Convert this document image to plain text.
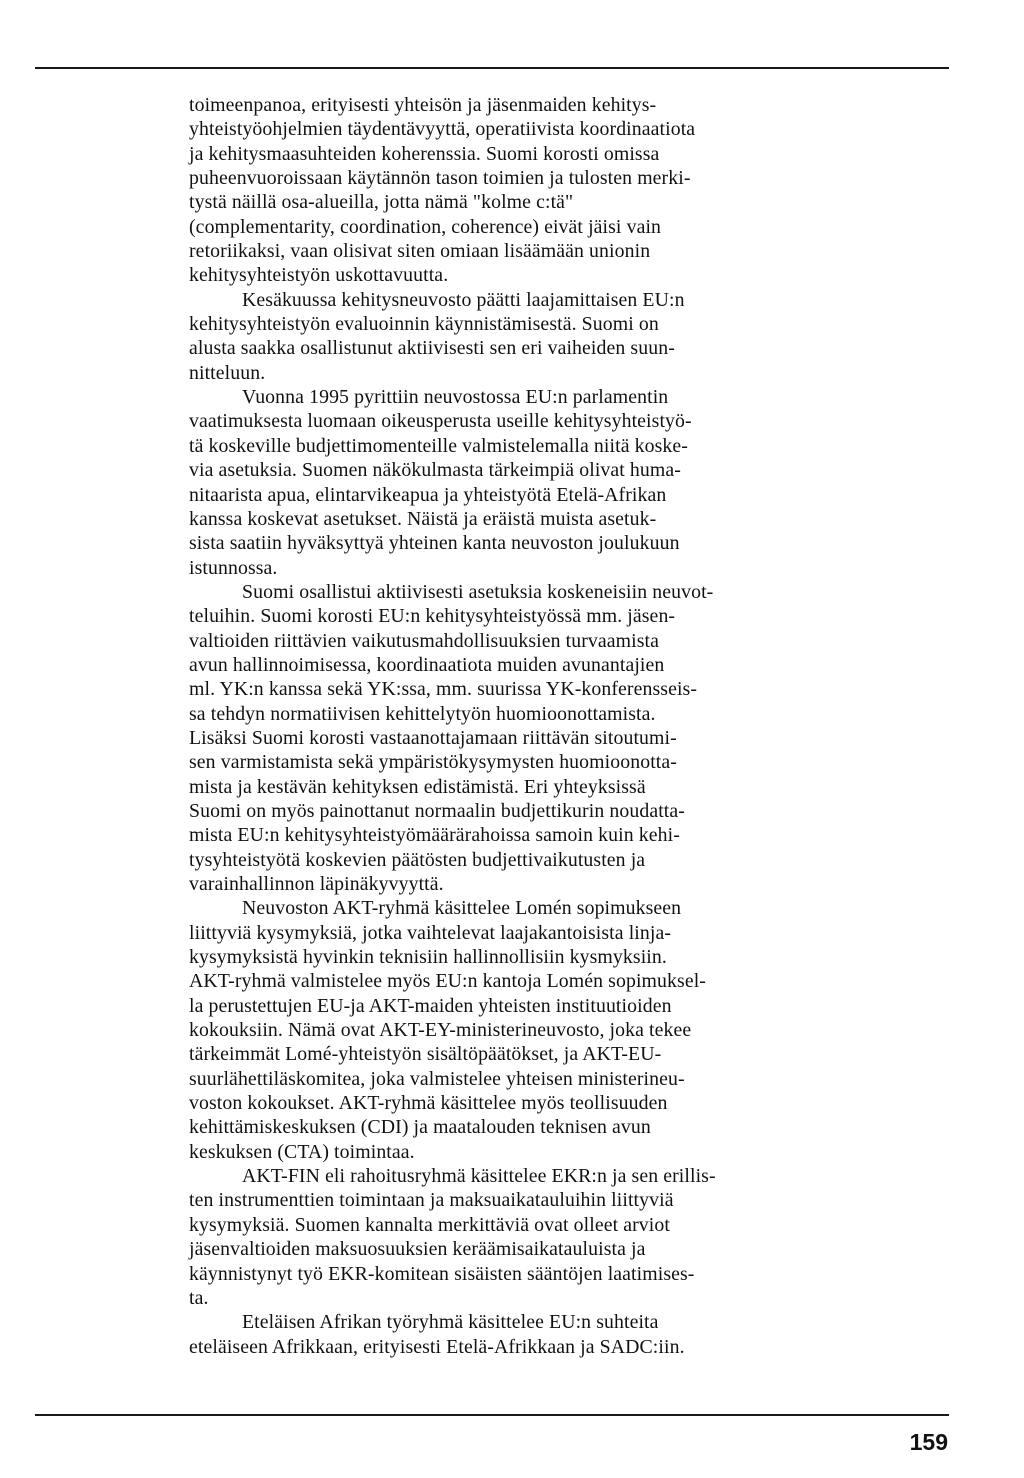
toimeenpanoa, erityisesti yhteisön ja jäsenmaiden kehitys-
yhteistyöohjelmien täydentävyyttä, operatiivista koordinaatiota
ja kehitysmaasuhteiden koherenssia. Suomi korosti omissa
puheenvuoroissaan käytännön tason toimien ja tulosten merki-
tystä näillä osa-alueilla, jotta nämä "kolme c:tä"
(complementarity, coordination, coherence) eivät jäisi vain
retoriikaksi, vaan olisivat siten omiaan lisäämään unionin
kehitysyhteistyön uskottavuutta.
Kesäkuussa kehitysneuvosto päätti laajamittaisen EU:n
kehitysyhteistyön evaluoinnin käynnistämisestä. Suomi on
alusta saakka osallistunut aktiivisesti sen eri vaiheiden suun-
nitteluun.
Vuonna 1995 pyrittiin neuvostossa EU:n parlamentin
vaatimuksesta luomaan oikeusperusta useille kehitysyhteistyö-
tä koskeville budjettimomenteille valmistelemalla niitä koske-
via asetuksia. Suomen näkökulmasta tärkeimpiä olivat huma-
nitaarista apua, elintarvikeapua ja yhteistyötä Etelä-Afrikan
kanssa koskevat asetukset. Näistä ja eräistä muista asetuk-
sista saatiin hyväksyttyä yhteinen kanta neuvoston joulukuun
istunnossa.
Suomi osallistui aktiivisesti asetuksia koskeneisiin neuvot-
teluihin. Suomi korosti EU:n kehitysyhteistyössä mm. jäsen-
valtioiden riittävien vaikutusmahdollisuuksien turvaamista
avun hallinnoimisessa, koordinaatiota muiden avunantajien
ml. YK:n kanssa sekä YK:ssa, mm. suurissa YK-konferensseis-
sa tehdyn normatiivisen kehittelytyön huomioonottamista.
Lisäksi Suomi korosti vastaanottajamaan riittävän sitoutumi-
sen varmistamista sekä ympäristökysymysten huomioonotta-
mista ja kestävän kehityksen edistämistä. Eri yhteyksissä
Suomi on myös painottanut normaalin budjettikurin noudatta-
mista EU:n kehitysyhteistyömäärärahoissa samoin kuin kehi-
tysyhteistyötä koskevien päätösten budjettivaikutusten ja
varainhallinnon läpinäkyvyyttä.
Neuvoston AKT-ryhmä käsittelee Lomén sopimukseen
liittyviä kysymyksiä, jotka vaihtelevat laajakantoisista linja-
kysymyksistä hyvinkin teknisiin hallinnollisiin kysmyksiin.
AKT-ryhmä valmistelee myös EU:n kantoja Lomén sopimuksel-
la perustettujen EU-ja AKT-maiden yhteisten instituutioiden
kokouksiin. Nämä ovat AKT-EY-ministerineuvosto, joka tekee
tärkeimmät Lomé-yhteistyön sisältöpäätökset, ja AKT-EU-
suurlähettiläskomitea, joka valmistelee yhteisen ministerineu-
voston kokoukset. AKT-ryhmä käsittelee myös teollisuuden
kehittämiskeskuksen (CDI) ja maatalouden teknisen avun
keskuksen (CTA) toimintaa.
AKT-FIN eli rahoitusryhmä käsittelee EKR:n ja sen erillis-
ten instrumenttien toimintaan ja maksuaikatauluihin liittyviä
kysymyksiä. Suomen kannalta merkittäviä ovat olleet arviot
jäsenvaltioiden maksuosuuksien keräämisaikatauluista ja
käynnistynyt työ EKR-komitean sisäisten sääntöjen laatimises-
ta.
Eteläisen Afrikan työryhmä käsittelee EU:n suhteita
eteläiseen Afrikkaan, erityisesti Etelä-Afrikkaan ja SADC:iin.
159
